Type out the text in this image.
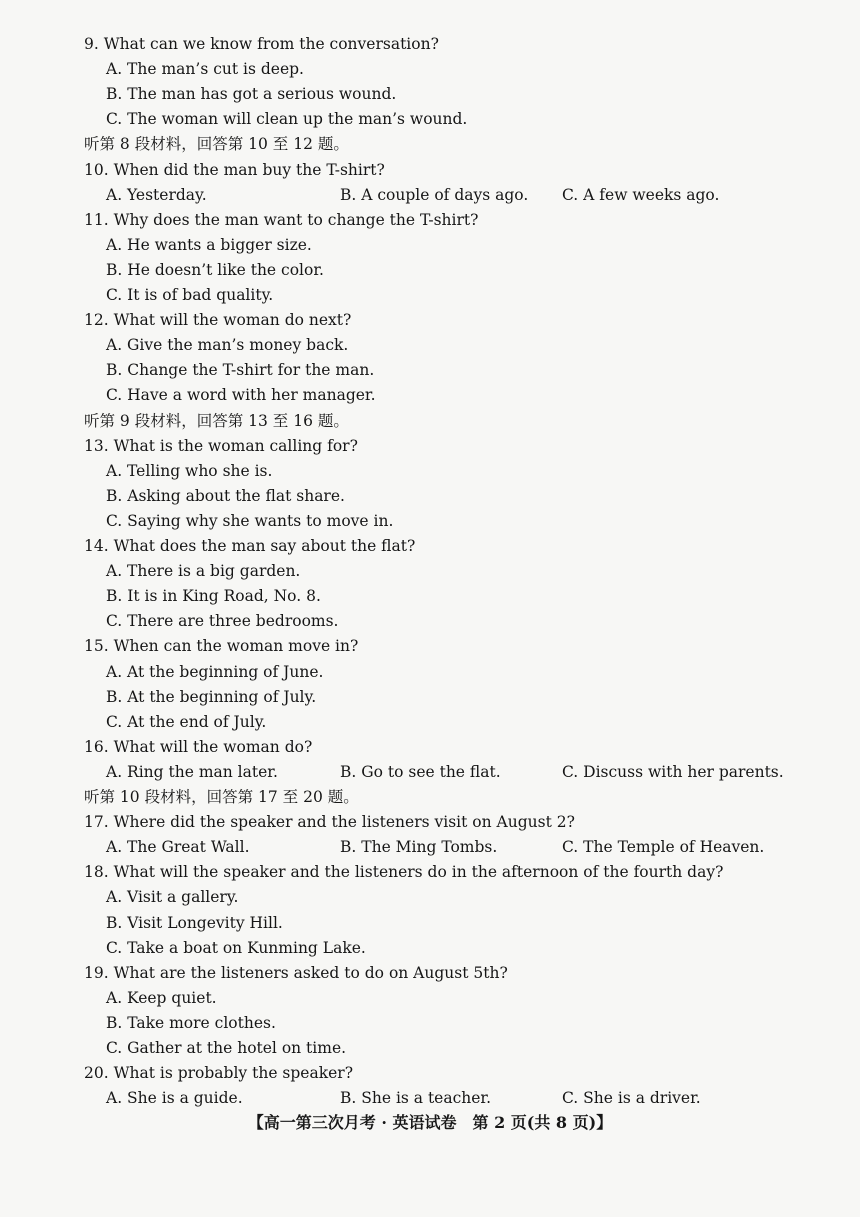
9. What can we know from the conversation?
A. The man’s cut is deep.
B. The man has got a serious wound.
C. The woman will clean up the man’s wound.
听第 8 段材料，回答第 10 至 12 题。
10. When did the man buy the T-shirt?
A. Yesterday.	B. A couple of days ago. C. A few weeks ago.
11. Why does the man want to change the T-shirt?
A. He wants a bigger size.
B. He doesn’t like the color.
C. It is of bad quality.
12. What will the woman do next?
A. Give the man’s money back.
B. Change the T-shirt for the man.
C. Have a word with her manager.
听第 9 段材料，回答第 13 至 16 题。
13. What is the woman calling for?
A. Telling who she is.
B. Asking about the flat share.
C. Saying why she wants to move in.
14. What does the man say about the flat?
A. There is a big garden.
B. It is in King Road, No. 8.
C. There are three bedrooms.
15. When can the woman move in?
A. At the beginning of June.
B. At the beginning of July.
C. At the end of July.
16. What will the woman do?
A. Ring the man later.	B. Go to see the flat.	C. Discuss with her parents.
听第 10 段材料，回答第 17 至 20 题。
17. Where did the speaker and the listeners visit on August 2?
A. The Great Wall.	B. The Ming Tombs.	C. The Temple of Heaven.
18. What will the speaker and the listeners do in the afternoon of the fourth day?
A. Visit a gallery.
B. Visit Longevity Hill.
C. Take a boat on Kunming Lake.
19. What are the listeners asked to do on August 5th?
A. Keep quiet.
B. Take more clothes.
C. Gather at the hotel on time.
20. What is probably the speaker?
A. She is a guide.	B. She is a teacher.	C. She is a driver.
【高一第三次月考 · 英语试卷　第 2 页(共 8 页)】
